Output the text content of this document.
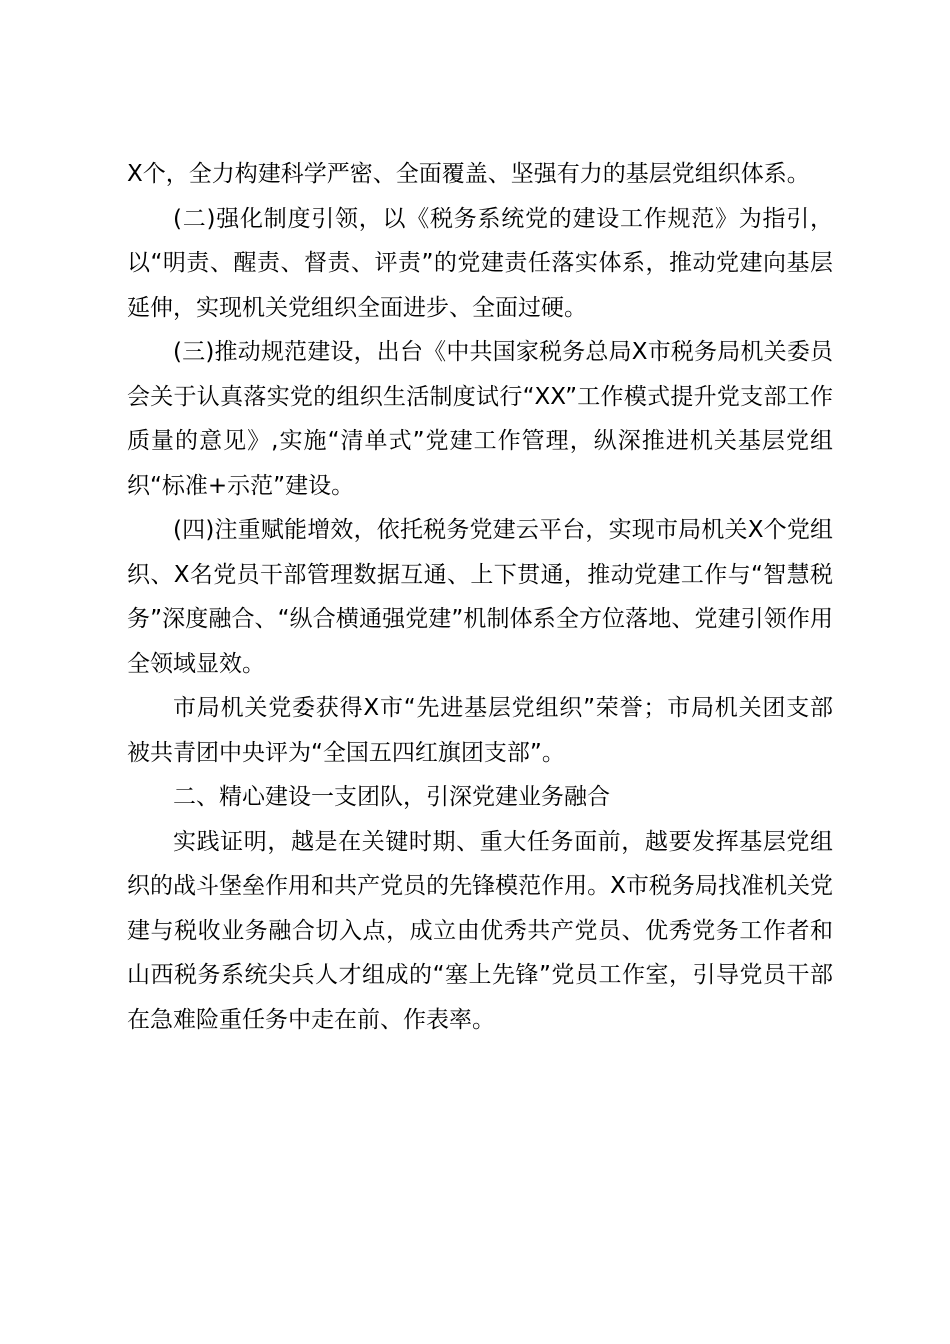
X个，全力构建科学严密、全面覆盖、坚强有力的基层党组织体系。

(二)强化制度引领，以《税务系统党的建设工作规范》为指引，以“明责、醒责、督责、评责”的党建责任落实体系，推动党建向基层延伸，实现机关党组织全面进步、全面过硬。

(三)推动规范建设，出台《中共国家税务总局X市税务局机关委员会关于认真落实党的组织生活制度试行“XX”工作模式提升党支部工作质量的意见》,实施“清单式”党建工作管理，纵深推进机关基层党组织“标准+示范”建设。

(四)注重赋能增效，依托税务党建云平台，实现市局机关X个党组织、X名党员干部管理数据互通、上下贯通，推动党建工作与“智慧税务”深度融合、“纵合横通强党建”机制体系全方位落地、党建引领作用全领域显效。

市局机关党委获得X市“先进基层党组织”荣誉；市局机关团支部被共青团中央评为“全国五四红旗团支部”。

二、精心建设一支团队，引深党建业务融合

实践证明，越是在关键时期、重大任务面前，越要发挥基层党组织的战斗堡垒作用和共产党员的先锋模范作用。X市税务局找准机关党建与税收业务融合切入点，成立由优秀共产党员、优秀党务工作者和山西税务系统尖兵人才组成的“塞上先锋”党员工作室，引导党员干部在急难险重任务中走在前、作表率。
